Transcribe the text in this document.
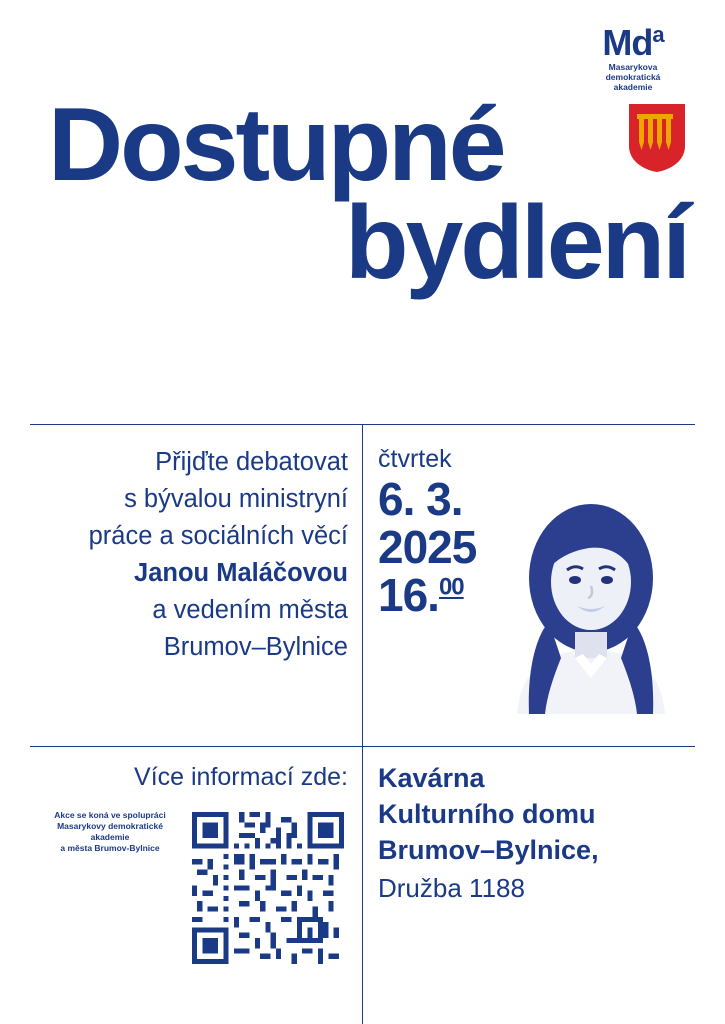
Md$^a$
Masarykova
demokratická
akademie
Dostupné
bydlení
Přijďte debatovat
s bývalou ministryní
práce a sociálních věcí
Janou Maláčovou
a vedením města
Brumov–Bylnice
čtvrtek
6. 3.
2025
16.00
Více informací zde:
Akce se koná ve spolupráci
Masarykovy demokratické
akademie
a města Brumov-Bylnice
Kavárna
Kulturního domu
Brumov–Bylnice,
Družba 1188
